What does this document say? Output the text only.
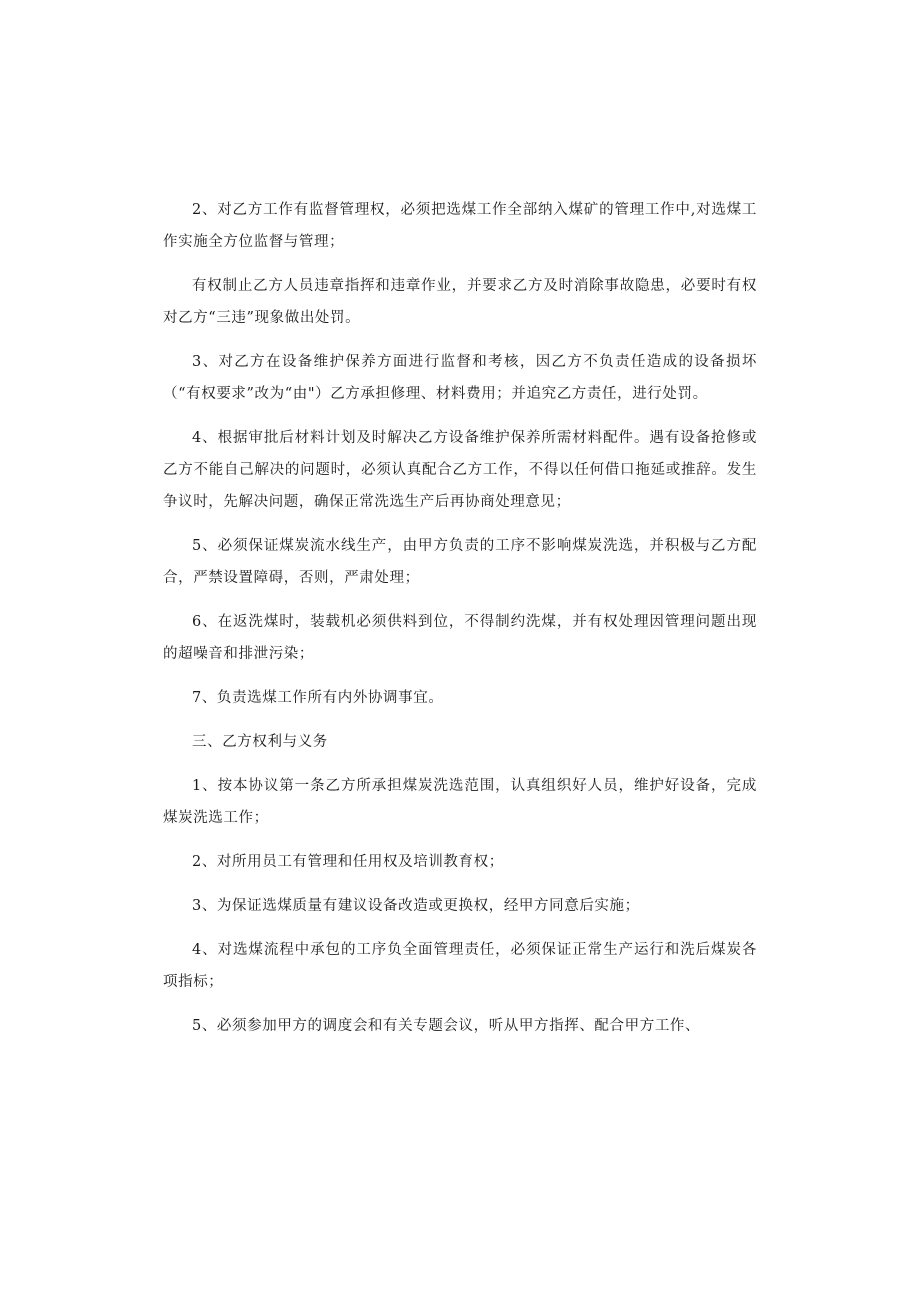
2、对乙方工作有监督管理权，必须把选煤工作全部纳入煤矿的管理工作中,对选煤工作实施全方位监督与管理；

有权制止乙方人员违章指挥和违章作业，并要求乙方及时消除事故隐患，必要时有权对乙方“三违”现象做出处罚。

3、对乙方在设备维护保养方面进行监督和考核，因乙方不负责任造成的设备损坏（“有权要求”改为“由"）乙方承担修理、材料费用；并追究乙方责任，进行处罚。

4、根据审批后材料计划及时解决乙方设备维护保养所需材料配件。遇有设备抢修或乙方不能自己解决的问题时，必须认真配合乙方工作，不得以任何借口拖延或推辞。发生争议时，先解决问题，确保正常洗选生产后再协商处理意见；

5、必须保证煤炭流水线生产，由甲方负责的工序不影响煤炭洗选，并积极与乙方配合，严禁设置障碍，否则，严肃处理；

6、在返洗煤时，装载机必须供料到位，不得制约洗煤，并有权处理因管理问题出现的超噪音和排泄污染；

7、负责选煤工作所有内外协调事宜。

三、乙方权利与义务

1、按本协议第一条乙方所承担煤炭洗选范围，认真组织好人员，维护好设备，完成煤炭洗选工作；

2、对所用员工有管理和任用权及培训教育权；

3、为保证选煤质量有建议设备改造或更换权，经甲方同意后实施；

4、对选煤流程中承包的工序负全面管理责任，必须保证正常生产运行和洗后煤炭各项指标；

5、必须参加甲方的调度会和有关专题会议，听从甲方指挥、配合甲方工作、
